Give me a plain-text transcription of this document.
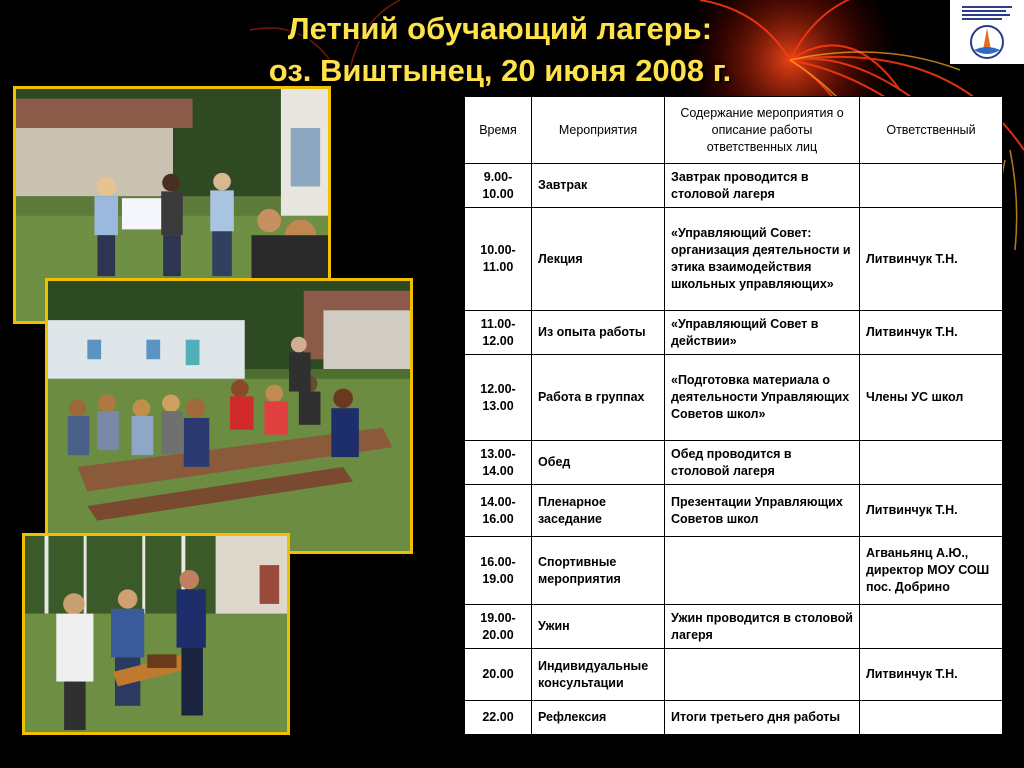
Летний обучающий лагерь:
оз. Виштынец, 20 июня 2008 г.
Время	Мероприятия	Содержание мероприятия о описание работы ответственных лиц	Ответственный
9.00-10.00	Завтрак	Завтрак проводится в столовой лагеря	
10.00-11.00	Лекция	«Управляющий Совет: организация деятельности и этика взаимодействия школьных управляющих»	Литвинчук Т.Н.
11.00-12.00	Из опыта работы	«Управляющий Совет в действии»	Литвинчук Т.Н.
12.00-13.00	Работа в группах	«Подготовка материала о деятельности Управляющих Советов школ»	Члены УС школ
13.00-14.00	Обед	Обед проводится в столовой лагеря	
14.00-16.00	Пленарное заседание	Презентации Управляющих Советов школ	Литвинчук Т.Н.
16.00-19.00	Спортивные мероприятия		Агваньянц А.Ю., директор МОУ СОШ пос. Добрино
19.00-20.00	Ужин	Ужин проводится в столовой лагеря	
20.00	Индивидуальные консультации		Литвинчук Т.Н.
22.00	Рефлексия	Итоги третьего дня работы	
